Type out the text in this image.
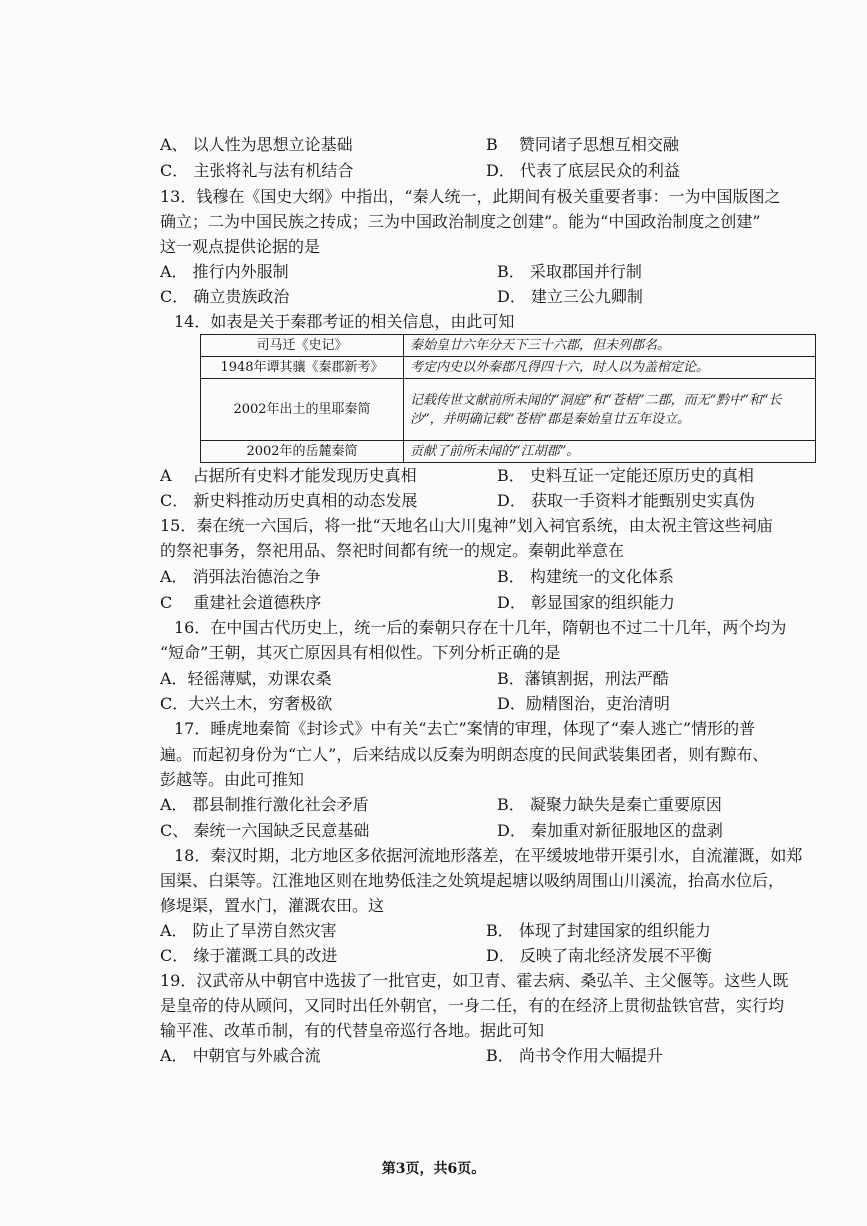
A、 以人性为思想立论基础	B　 赞同诸子思想互相交融
C． 主张将礼与法有机结合	D． 代表了底层民众的利益
13．钱穆在《国史大纲》中指出，“秦人统一，此期间有极关重要者事：一为中国版图之
确立；二为中国民族之抟成；三为中国政治制度之创建”。能为“中国政治制度之创建”
这一观点提供论据的是
A． 推行内外服制	B． 采取郡国并行制
C． 确立贵族政治	D． 建立三公九卿制
14．如表是关于秦郡考证的相关信息，由此可知
司马迁《史记》	秦始皇廿六年分天下三十六郡，但未列郡名。
1948年谭其骧《秦郡新考》	考定内史以外秦郡凡得四十六，时人以为盖棺定论。
2002年出土的里耶秦简	记载传世文献前所未闻的“洞庭”和“苍梧”二郡，而无“黔中”和“长沙”，并明确记载“苍梧”郡是秦始皇廿五年设立。
2002年的岳麓秦简	贡献了前所未闻的“江胡郡”。
A　 占据所有史料才能发现历史真相	B． 史料互证一定能还原历史的真相
C． 新史料推动历史真相的动态发展	D． 获取一手资料才能甄别史实真伪
15．秦在统一六国后，将一批“天地名山大川鬼神”划入祠官系统，由太祝主管这些祠庙
的祭祀事务，祭祀用品、祭祀时间都有统一的规定。秦朝此举意在
A． 消弭法治德治之争	B． 构建统一的文化体系
C　 重建社会道德秩序	D． 彰显国家的组织能力
16．在中国古代历史上，统一后的秦朝只存在十几年，隋朝也不过二十几年，两个均为
“短命”王朝，其灭亡原因具有相似性。下列分析正确的是
A．轻徭薄赋，劝课农桑	B．藩镇割据，刑法严酷
C．大兴土木，穷奢极欲	D．励精图治，吏治清明
17．睡虎地秦简《封诊式》中有关“去亡”案情的审理，体现了“秦人逃亡”情形的普
遍。而起初身份为“亡人”，后来结成以反秦为明朗态度的民间武装集团者，则有黥布、
彭越等。由此可推知
A． 郡县制推行激化社会矛盾	B． 凝聚力缺失是秦亡重要原因
C、 秦统一六国缺乏民意基础	D． 秦加重对新征服地区的盘剥
18．秦汉时期，北方地区多依据河流地形落差，在平缓坡地带开渠引水，自流灌溉，如郑
国渠、白渠等。江淮地区则在地势低洼之处筑堤起塘以吸纳周围山川溪流，抬高水位后，
修堤渠，置水门，灌溉农田。这
A． 防止了旱涝自然灾害	B． 体现了封建国家的组织能力
C． 缘于灌溉工具的改进	D． 反映了南北经济发展不平衡
19．汉武帝从中朝官中选拔了一批官吏，如卫青、霍去病、桑弘羊、主父偃等。这些人既
是皇帝的侍从顾问，又同时出任外朝官，一身二任，有的在经济上贯彻盐铁官营，实行均
输平准、改革币制，有的代替皇帝巡行各地。据此可知
A． 中朝官与外戚合流	B． 尚书令作用大幅提升
第3页，共6页。
